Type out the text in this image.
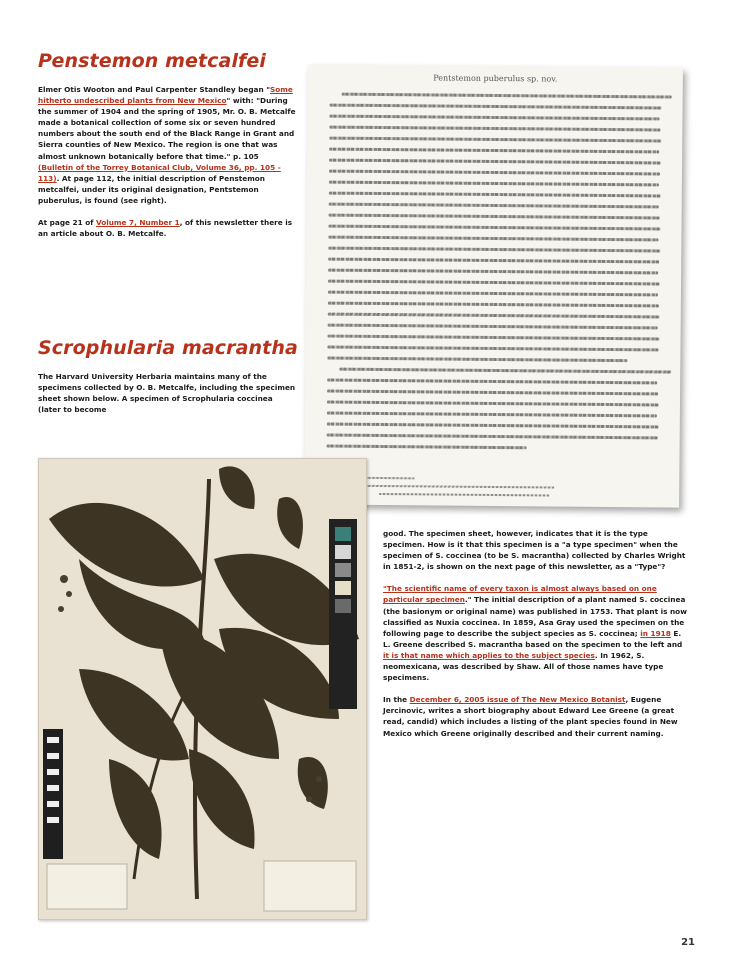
Penstemon metcalfei

Elmer Otis Wooton and Paul Carpenter Standley began "Some hitherto undescribed plants from New Mexico" with: "During the summer of 1904 and the spring of 1905, Mr. O. B. Metcalfe made a botanical collection of some six or seven hundred numbers about the south end of the Black Range in Grant and Sierra counties of New Mexico. The region is one that was almost unknown botanically before that time." p. 105 (Bulletin of the Torrey Botanical Club, Volume 36, pp. 105 - 113). At page 112, the initial description of Penstemon metcalfei, under its original designation, Pentstemon puberulus, is found (see right).

At page 21 of Volume 7, Number 1, of this newsletter there is an article about O. B. Metcalfe.

Scrophularia macrantha

The Harvard University Herbaria maintains many of the specimens collected by O. B. Metcalfe, including the specimen sheet shown below. A specimen of Scrophularia coccinea (later to become

Pentstemon puberulus sp. nov.

good. The specimen sheet, however, indicates that it is the type specimen. How is it that this specimen is a "a type specimen" when the specimen of S. coccinea (to be S. macrantha) collected by Charles Wright in 1851-2, is shown on the next page of this newsletter, as a "Type"?

"The scientific name of every taxon is almost always based on one particular specimen." The initial description of a plant named S. coccinea (the basionym or original name) was published in 1753. That plant is now classified as Nuxia coccinea. In 1859, Asa Gray used the specimen on the following page to describe the subject species as S. coccinea; in 1918 E. L. Greene described S. macrantha based on the specimen to the left and it is that name which applies to the subject species. In 1962, S. neomexicana, was described by Shaw. All of those names have type specimens.

In the December 6, 2005 issue of The New Mexico Botanist, Eugene Jercinovic, writes a short biography about Edward Lee Greene (a great read, candid) which includes a listing of the plant species found in New Mexico which Greene originally described and their current naming.

21
